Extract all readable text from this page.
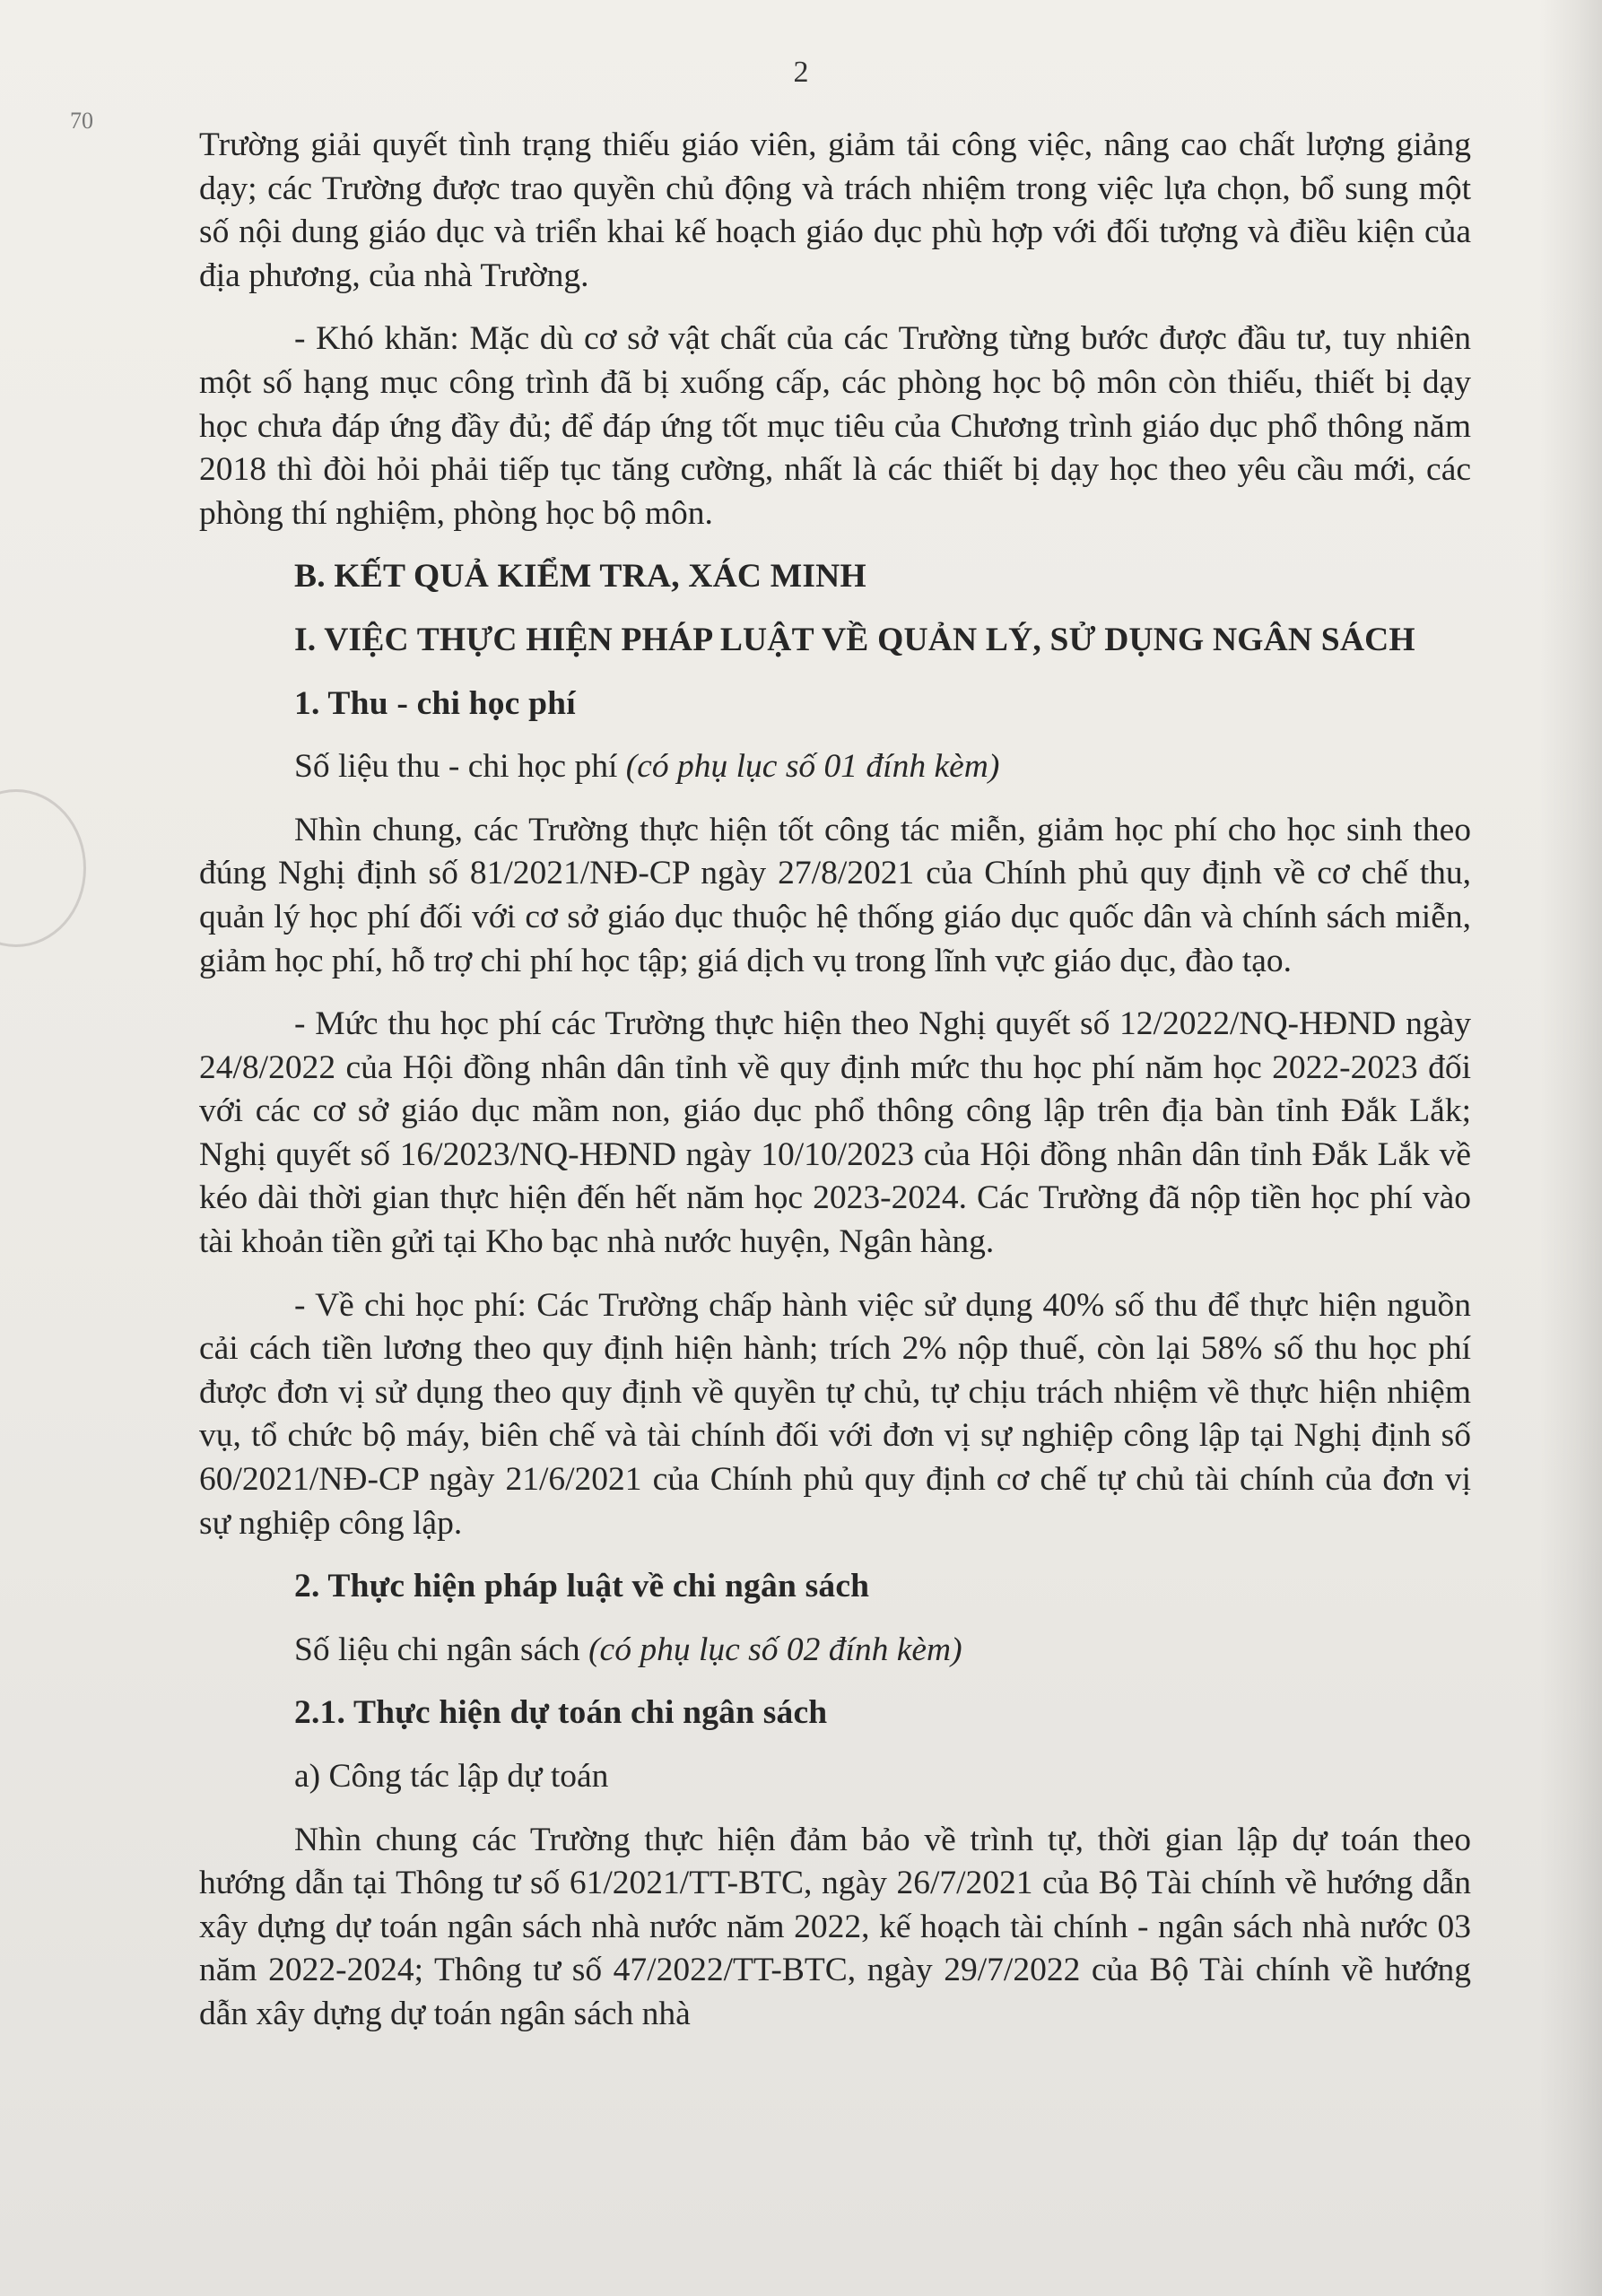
2
70

Trường giải quyết tình trạng thiếu giáo viên, giảm tải công việc, nâng cao chất lượng giảng dạy; các Trường được trao quyền chủ động và trách nhiệm trong việc lựa chọn, bổ sung một số nội dung giáo dục và triển khai kế hoạch giáo dục phù hợp với đối tượng và điều kiện của địa phương, của nhà Trường.

- Khó khăn: Mặc dù cơ sở vật chất của các Trường từng bước được đầu tư, tuy nhiên một số hạng mục công trình đã bị xuống cấp, các phòng học bộ môn còn thiếu, thiết bị dạy học chưa đáp ứng đầy đủ; để đáp ứng tốt mục tiêu của Chương trình giáo dục phổ thông năm 2018 thì đòi hỏi phải tiếp tục tăng cường, nhất là các thiết bị dạy học theo yêu cầu mới, các phòng thí nghiệm, phòng học bộ môn.

B. KẾT QUẢ KIỂM TRA, XÁC MINH

I. VIỆC THỰC HIỆN PHÁP LUẬT VỀ QUẢN LÝ, SỬ DỤNG NGÂN SÁCH

1. Thu - chi học phí

Số liệu thu - chi học phí (có phụ lục số 01 đính kèm)

Nhìn chung, các Trường thực hiện tốt công tác miễn, giảm học phí cho học sinh theo đúng Nghị định số 81/2021/NĐ-CP ngày 27/8/2021 của Chính phủ quy định về cơ chế thu, quản lý học phí đối với cơ sở giáo dục thuộc hệ thống giáo dục quốc dân và chính sách miễn, giảm học phí, hỗ trợ chi phí học tập; giá dịch vụ trong lĩnh vực giáo dục, đào tạo.

- Mức thu học phí các Trường thực hiện theo Nghị quyết số 12/2022/NQ-HĐND ngày 24/8/2022 của Hội đồng nhân dân tỉnh về quy định mức thu học phí năm học 2022-2023 đối với các cơ sở giáo dục mầm non, giáo dục phổ thông công lập trên địa bàn tỉnh Đắk Lắk; Nghị quyết số 16/2023/NQ-HĐND ngày 10/10/2023 của Hội đồng nhân dân tỉnh Đắk Lắk về kéo dài thời gian thực hiện đến hết năm học 2023-2024. Các Trường đã nộp tiền học phí vào tài khoản tiền gửi tại Kho bạc nhà nước huyện, Ngân hàng.

- Về chi học phí: Các Trường chấp hành việc sử dụng 40% số thu để thực hiện nguồn cải cách tiền lương theo quy định hiện hành; trích 2% nộp thuế, còn lại 58% số thu học phí được đơn vị sử dụng theo quy định về quyền tự chủ, tự chịu trách nhiệm về thực hiện nhiệm vụ, tổ chức bộ máy, biên chế và tài chính đối với đơn vị sự nghiệp công lập tại Nghị định số 60/2021/NĐ-CP ngày 21/6/2021 của Chính phủ quy định cơ chế tự chủ tài chính của đơn vị sự nghiệp công lập.

2. Thực hiện pháp luật về chi ngân sách

Số liệu chi ngân sách (có phụ lục số 02 đính kèm)

2.1. Thực hiện dự toán chi ngân sách

a) Công tác lập dự toán

Nhìn chung các Trường thực hiện đảm bảo về trình tự, thời gian lập dự toán theo hướng dẫn tại Thông tư số 61/2021/TT-BTC, ngày 26/7/2021 của Bộ Tài chính về hướng dẫn xây dựng dự toán ngân sách nhà nước năm 2022, kế hoạch tài chính - ngân sách nhà nước 03 năm 2022-2024; Thông tư số 47/2022/TT-BTC, ngày 29/7/2022 của Bộ Tài chính về hướng dẫn xây dựng dự toán ngân sách nhà
